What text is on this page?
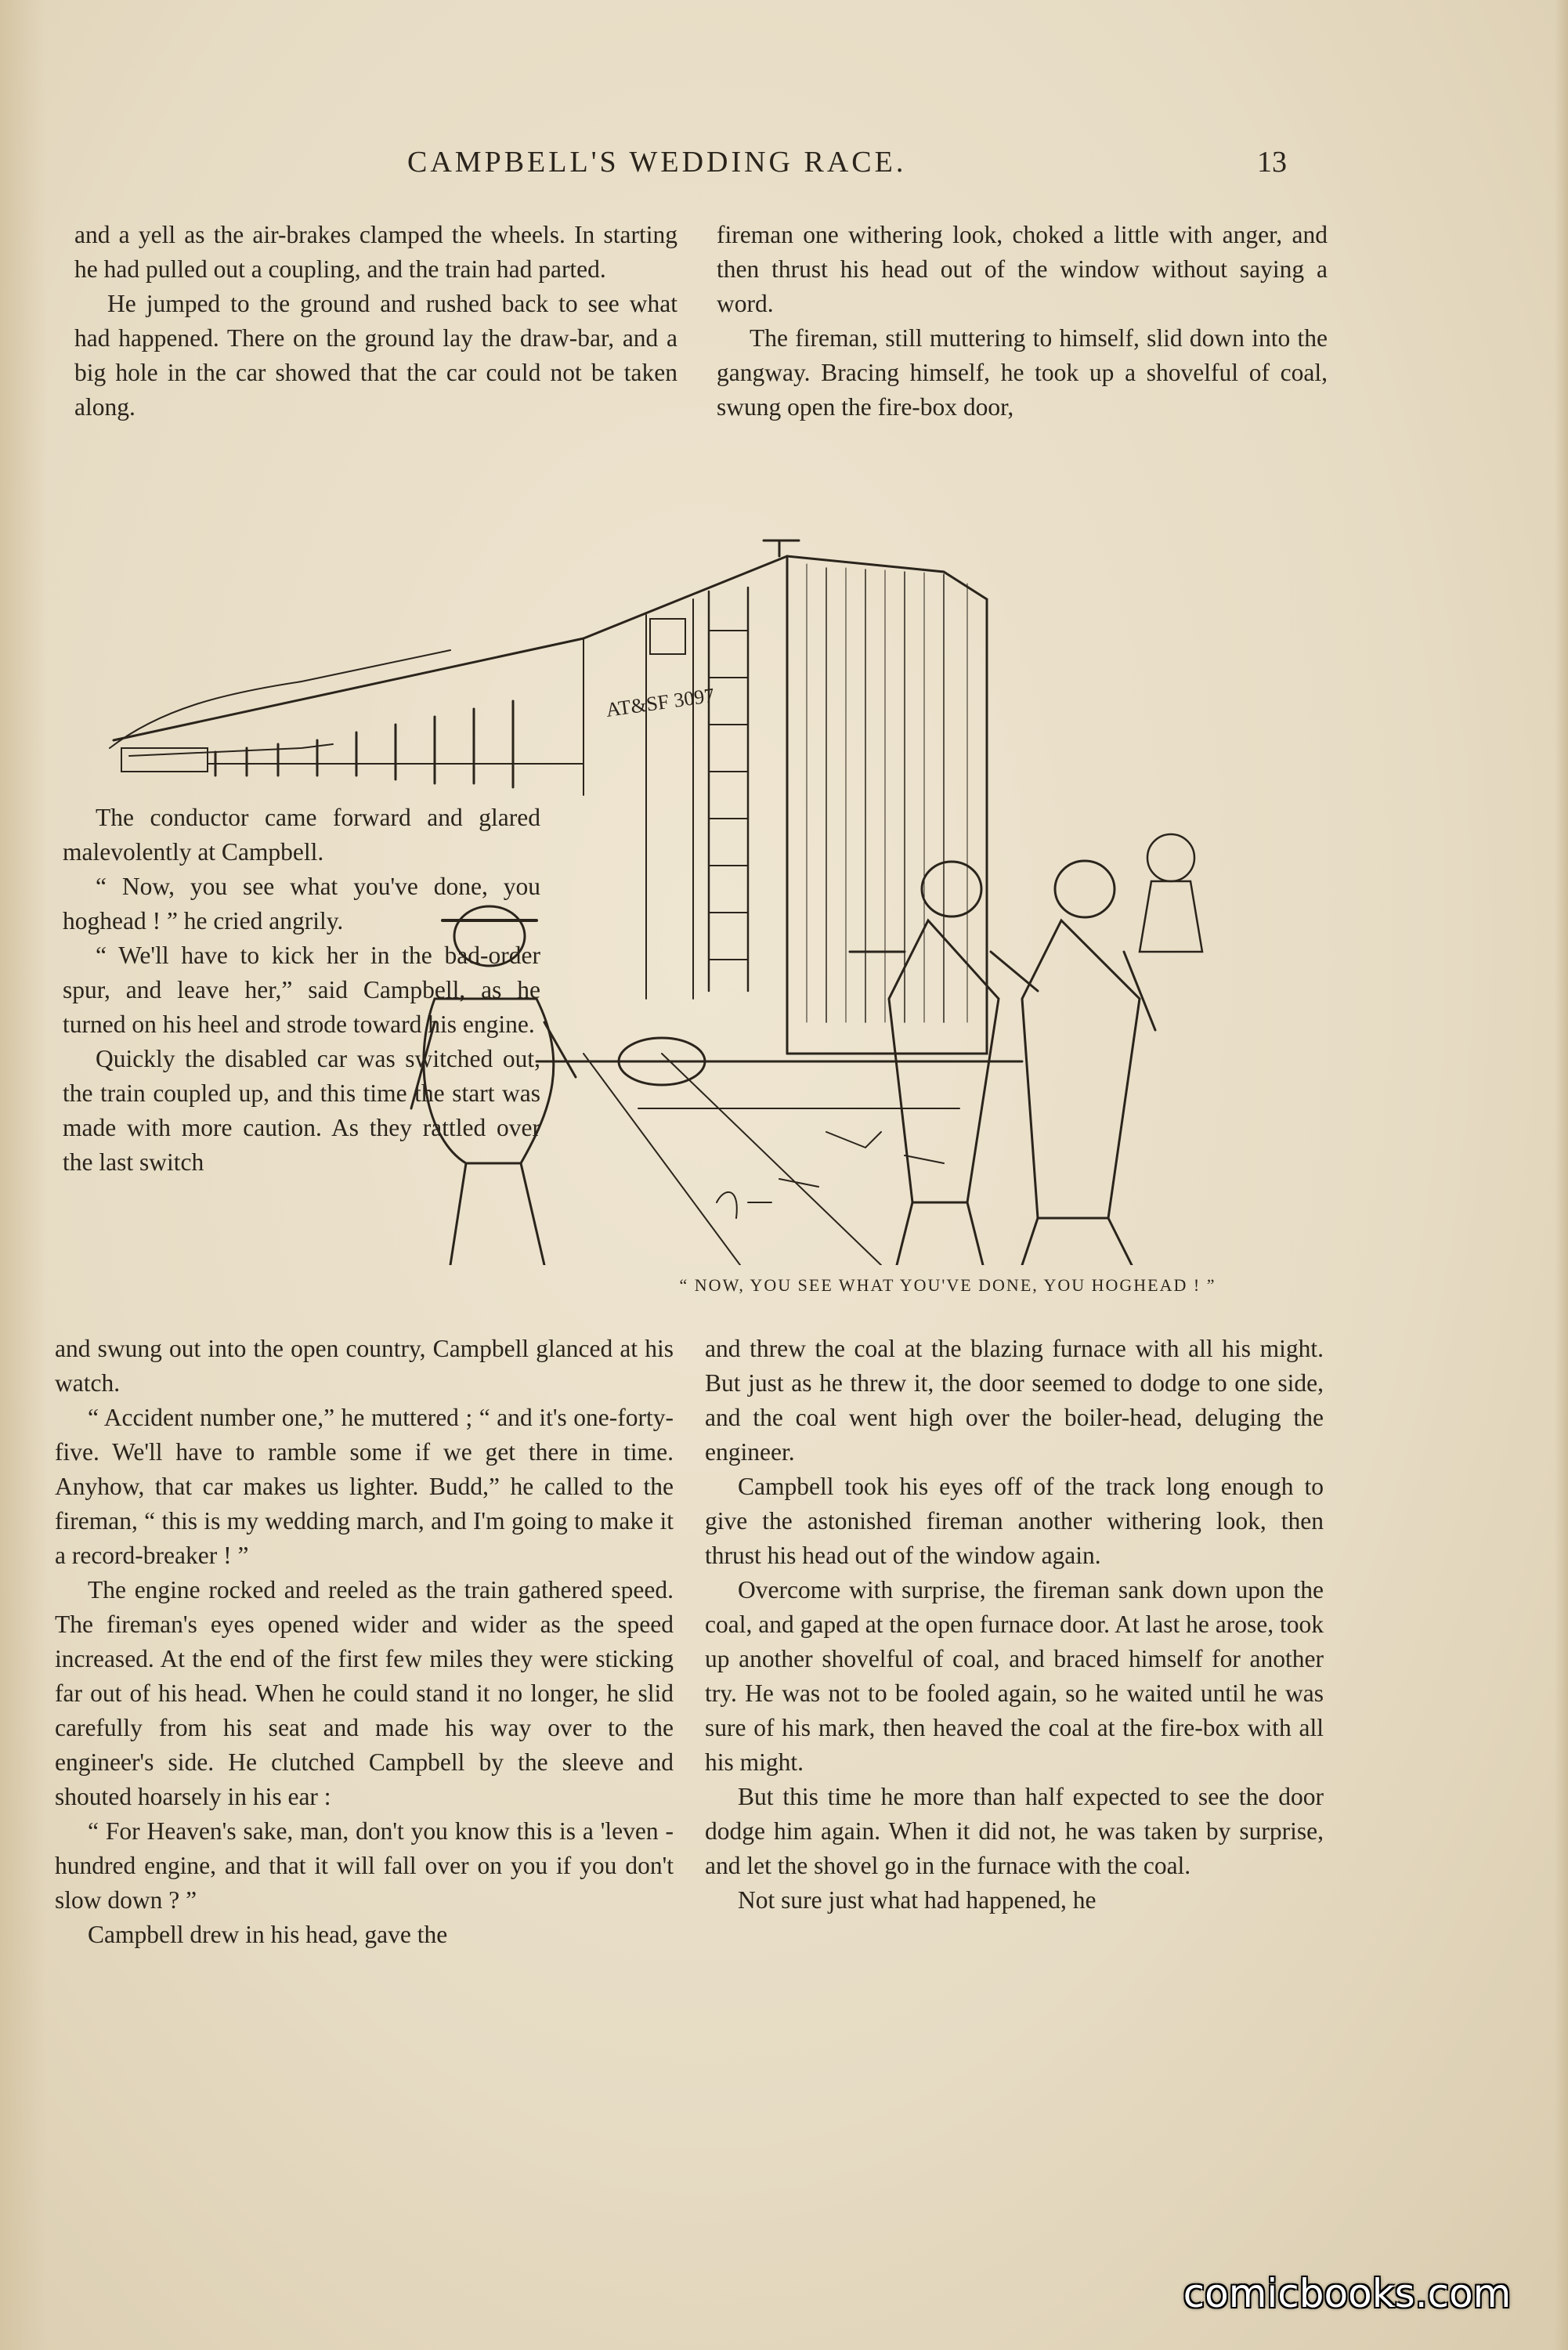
CAMPBELL'S WEDDING RACE.	13

and a yell as the air-brakes clamped the wheels. In starting he had pulled out a coupling, and the train had parted.

He jumped to the ground and rushed back to see what had happened. There on the ground lay the draw-bar, and a big hole in the car showed that the car could not be taken along.

fireman one withering look, choked a little with anger, and then thrust his head out of the window without saying a word.

The fireman, still muttering to himself, slid down into the gangway. Bracing himself, he took up a shovelful of coal, swung open the fire-box door,

The conductor came forward and glared malevolently at Campbell.

“ Now, you see what you've done, you hoghead ! ” he cried angrily.

“ We'll have to kick her in the bad-order spur, and leave her,” said Campbell, as he turned on his heel and strode toward his engine.

Quickly the disabled car was switched out, the train coupled up, and this time the start was made with more caution. As they rattled over the last switch

and swung out into the open country, Campbell glanced at his watch.

“ Accident number one,” he muttered ; “ and it's one-forty-five. We'll have to ramble some if we get there in time. Anyhow, that car makes us lighter. Budd,” he called to the fireman, “ this is my wedding march, and I'm going to make it a record-breaker ! ”

The engine rocked and reeled as the train gathered speed. The fireman's eyes opened wider and wider as the speed increased. At the end of the first few miles they were sticking far out of his head. When he could stand it no longer, he slid carefully from his seat and made his way over to the engineer's side. He clutched Campbell by the sleeve and shouted hoarsely in his ear :

“ For Heaven's sake, man, don't you know this is a 'leven - hundred engine, and that it will fall over on you if you don't slow down ? ”

Campbell drew in his head, gave the

and threw the coal at the blazing furnace with all his might. But just as he threw it, the door seemed to dodge to one side, and the coal went high over the boiler-head, deluging the engineer.

Campbell took his eyes off of the track long enough to give the astonished fireman another withering look, then thrust his head out of the window again.

Overcome with surprise, the fireman sank down upon the coal, and gaped at the open furnace door. At last he arose, took up another shovelful of coal, and braced himself for another try. He was not to be fooled again, so he waited until he was sure of his mark, then heaved the coal at the fire-box with all his might.

But this time he more than half expected to see the door dodge him again. When it did not, he was taken by surprise, and let the shovel go in the furnace with the coal.

Not sure just what had happened, he

AT&SF 3097
“ NOW, YOU SEE WHAT YOU'VE DONE, YOU HOGHEAD ! ”
comicbooks.com
